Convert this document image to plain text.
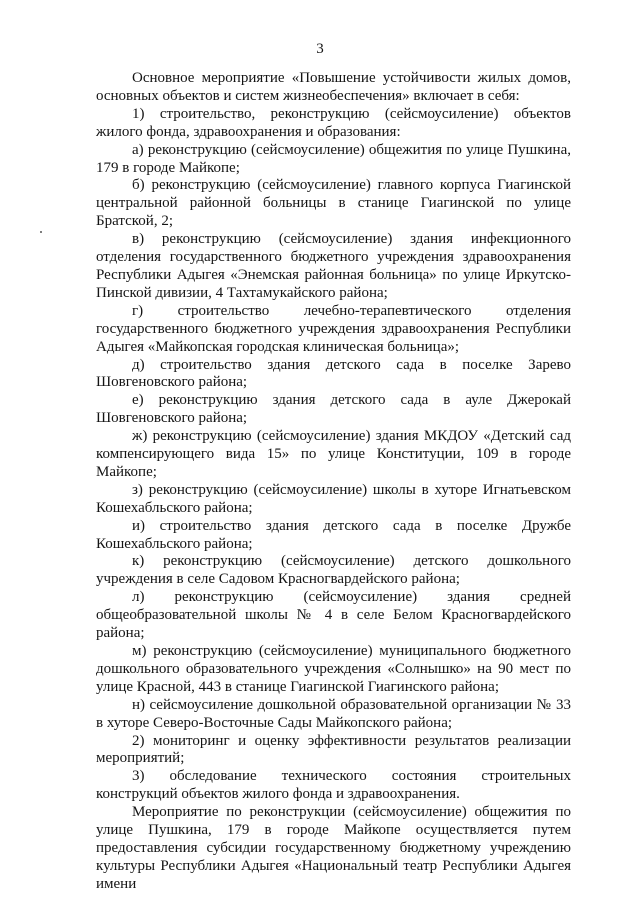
3

Основное мероприятие «Повышение устойчивости жилых домов, основных объектов и систем жизнеобеспечения» включает в себя:

1) строительство, реконструкцию (сейсмоусиление) объектов жилого фонда, здравоохранения и образования:

а) реконструкцию (сейсмоусиление) общежития по улице Пушкина, 179 в городе Майкопе;

б) реконструкцию (сейсмоусиление) главного корпуса Гиагинской центральной районной больницы в станице Гиагинской по улице Братской, 2;

в) реконструкцию (сейсмоусиление) здания инфекционного отделения государственного бюджетного учреждения здравоохранения Республики Адыгея «Энемская районная больница» по улице Иркутско-Пинской дивизии, 4 Тахтамукайского района;

г) строительство лечебно-терапевтического отделения государственного бюджетного учреждения здравоохранения Республики Адыгея «Майкопская городская клиническая больница»;

д) строительство здания детского сада в поселке Зарево Шовгеновского района;

е) реконструкцию здания детского сада в ауле Джерокай Шовгеновского района;

ж) реконструкцию (сейсмоусиление) здания МКДОУ «Детский сад компенсирующего вида 15» по улице Конституции, 109 в городе Майкопе;

з) реконструкцию (сейсмоусиление) школы в хуторе Игнатьевском Кошехабльского района;

и) строительство здания детского сада в поселке Дружбе Кошехабльского района;

к) реконструкцию (сейсмоусиление) детского дошкольного учреждения в селе Садовом Красногвардейского района;

л) реконструкцию (сейсмоусиление) здания средней общеобразовательной школы № 4 в селе Белом Красногвардейского района;

м) реконструкцию (сейсмоусиление) муниципального бюджетного дошкольного образовательного учреждения «Солнышко» на 90 мест по улице Красной, 443 в станице Гиагинской Гиагинского района;

н) сейсмоусиление дошкольной образовательной организации № 33 в хуторе Северо-Восточные Сады Майкопского района;

2) мониторинг и оценку эффективности результатов реализации мероприятий;

3) обследование технического состояния строительных конструкций объектов жилого фонда и здравоохранения.

Мероприятие по реконструкции (сейсмоусиление) общежития по улице Пушкина, 179 в городе Майкопе осуществляется путем предоставления субсидии государственному бюджетному учреждению культуры Республики Адыгея «Национальный театр Республики Адыгея имени
